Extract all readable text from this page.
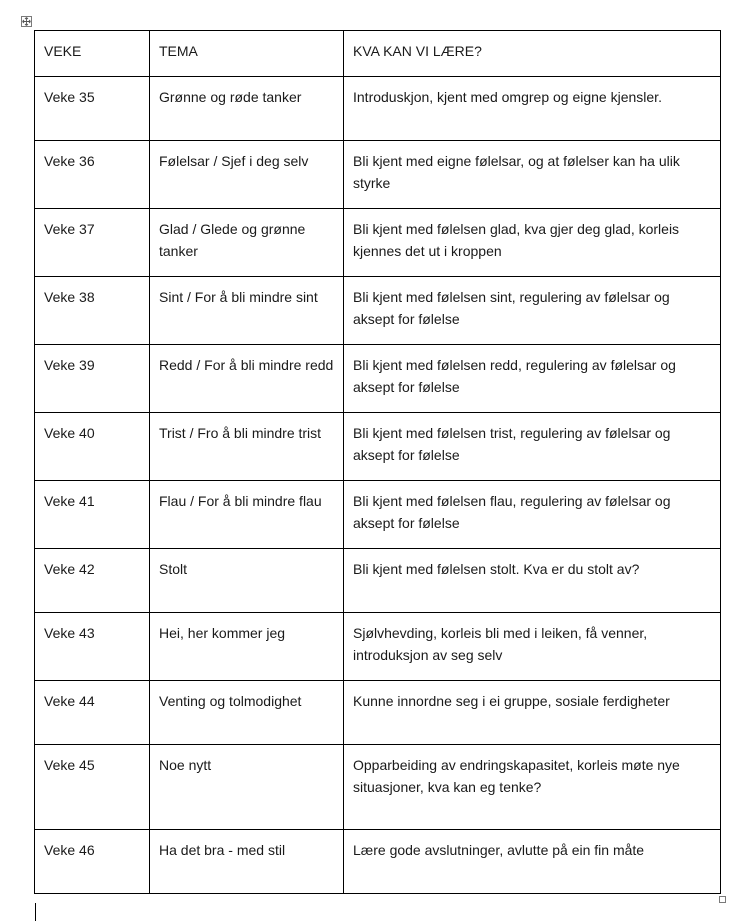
VEKE	TEMA	KVA KAN VI LÆRE?
Veke 35	Grønne og røde tanker	Introduskjon, kjent med omgrep og eigne kjensler.
Veke 36	Følelsar / Sjef i deg selv	Bli kjent med eigne følelsar, og at følelser kan ha ulik styrke
Veke 37	Glad / Glede og grønne tanker	Bli kjent med følelsen glad, kva gjer deg glad, korleis kjennes det ut i kroppen
Veke 38	Sint / For å bli mindre sint	Bli kjent med følelsen sint, regulering av følelsar og aksept for følelse
Veke 39	Redd / For å bli mindre redd	Bli kjent med følelsen redd, regulering av følelsar og aksept for følelse
Veke 40	Trist / Fro å bli mindre trist	Bli kjent med følelsen trist, regulering av følelsar og aksept for følelse
Veke 41	Flau / For å bli mindre flau	Bli kjent med følelsen flau, regulering av følelsar og aksept for følelse
Veke 42	Stolt	Bli kjent med følelsen stolt. Kva er du stolt av?
Veke 43	Hei, her kommer jeg	Sjølvhevding, korleis bli med i leiken, få venner, introduksjon av seg selv
Veke 44	Venting og tolmodighet	Kunne innordne seg i ei gruppe, sosiale ferdigheter
Veke 45	Noe nytt	Opparbeiding av endringskapasitet, korleis møte nye situasjoner, kva kan eg tenke?
Veke 46	Ha det bra - med stil	Lære gode avslutninger, avlutte på ein fin måte
